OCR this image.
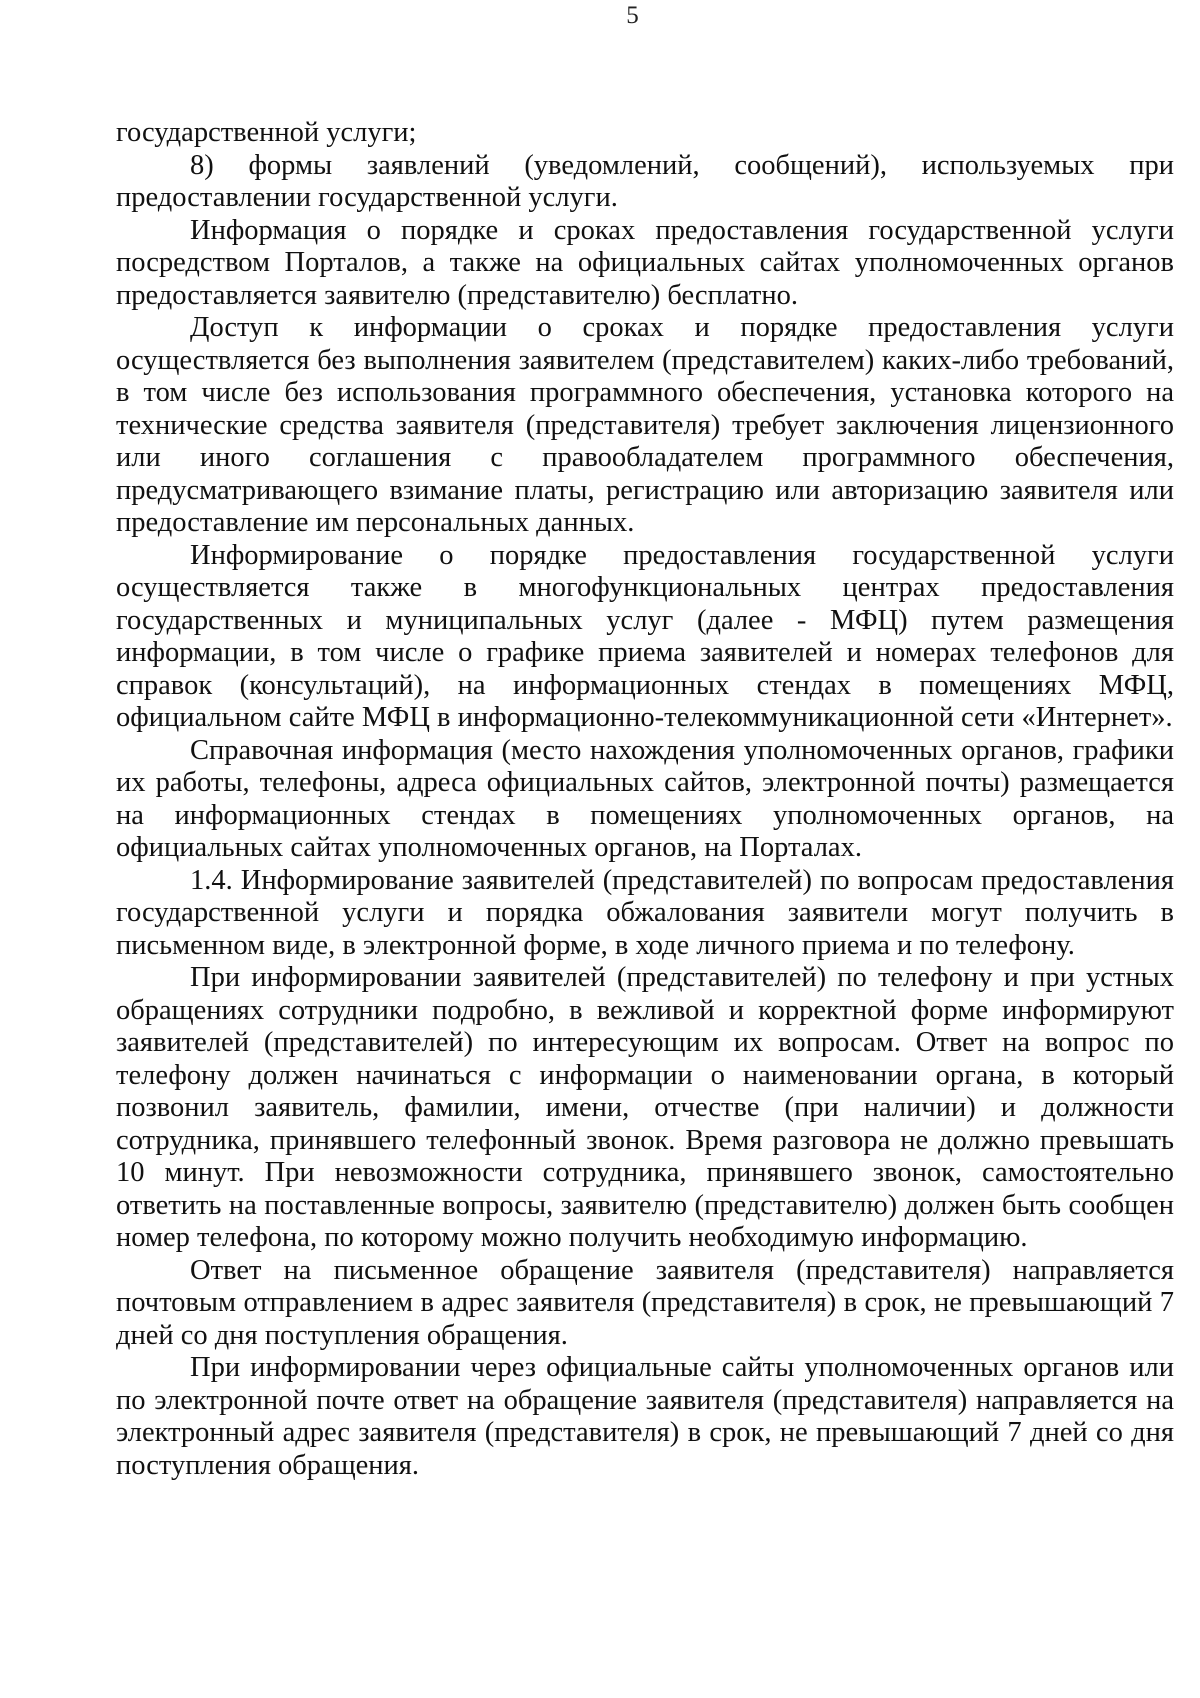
5

государственной услуги;

8) формы заявлений (уведомлений, сообщений), используемых при предоставлении государственной услуги.

Информация о порядке и сроках предоставления государственной услуги посредством Порталов, а также на официальных сайтах уполномоченных органов предоставляется заявителю (представителю) бесплатно.

Доступ к информации о сроках и порядке предоставления услуги осуществляется без выполнения заявителем (представителем) каких-либо требований, в том числе без использования программного обеспечения, установка которого на технические средства заявителя (представителя) требует заключения лицензионного или иного соглашения с правообладателем программного обеспечения, предусматривающего взимание платы, регистрацию или авторизацию заявителя или предоставление им персональных данных.

Информирование о порядке предоставления государственной услуги осуществляется также в многофункциональных центрах предоставления государственных и муниципальных услуг (далее - МФЦ) путем размещения информации, в том числе о графике приема заявителей и номерах телефонов для справок (консультаций), на информационных стендах в помещениях МФЦ, официальном сайте МФЦ в информационно-телекоммуникационной сети «Интернет».

Справочная информация (место нахождения уполномоченных органов, графики их работы, телефоны, адреса официальных сайтов, электронной почты) размещается на информационных стендах в помещениях уполномоченных органов, на официальных сайтах уполномоченных органов, на Порталах.

1.4. Информирование заявителей (представителей) по вопросам предоставления государственной услуги и порядка обжалования заявители могут получить в письменном виде, в электронной форме, в ходе личного приема и по телефону.

При информировании заявителей (представителей) по телефону и при устных обращениях сотрудники подробно, в вежливой и корректной форме информируют заявителей (представителей) по интересующим их вопросам. Ответ на вопрос по телефону должен начинаться с информации о наименовании органа, в который позвонил заявитель, фамилии, имени, отчестве (при наличии) и должности сотрудника, принявшего телефонный звонок. Время разговора не должно превышать 10 минут. При невозможности сотрудника, принявшего звонок, самостоятельно ответить на поставленные вопросы, заявителю (представителю) должен быть сообщен номер телефона, по которому можно получить необходимую информацию.

Ответ на письменное обращение заявителя (представителя) направляется почтовым отправлением в адрес заявителя (представителя) в срок, не превышающий 7 дней со дня поступления обращения.

При информировании через официальные сайты уполномоченных органов или по электронной почте ответ на обращение заявителя (представителя) направляется на электронный адрес заявителя (представителя) в срок, не превышающий 7 дней со дня поступления обращения.
